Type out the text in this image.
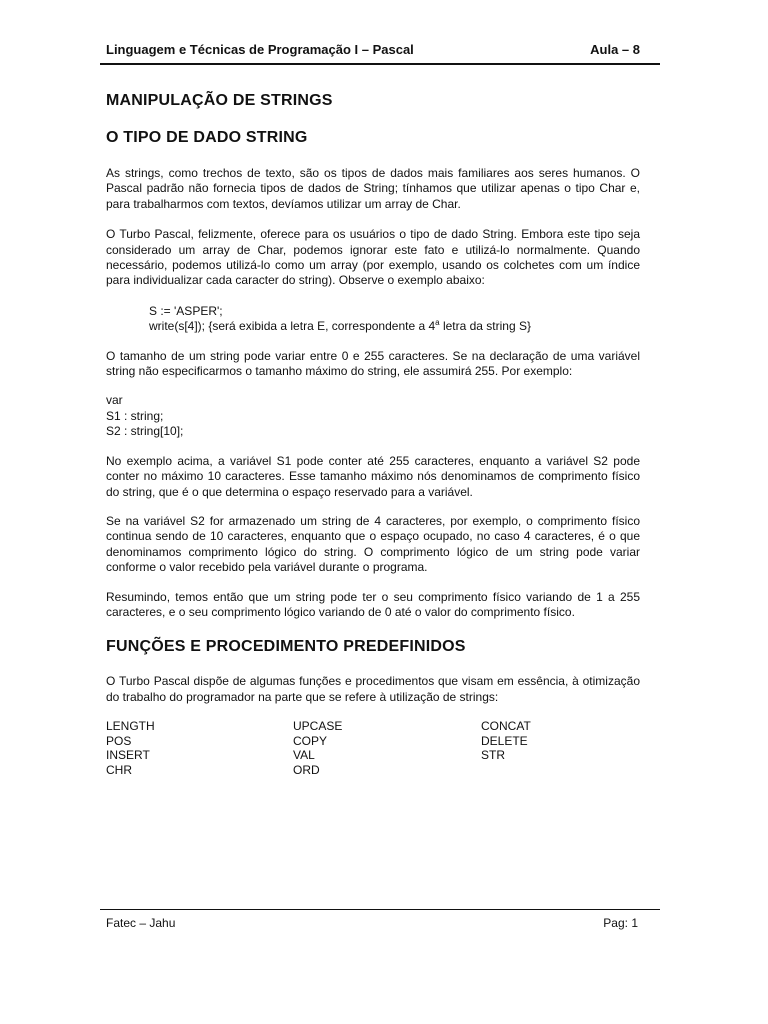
Linguagem e Técnicas de Programação I – Pascal	Aula – 8
MANIPULAÇÃO DE STRINGS
O TIPO DE DADO STRING

As strings, como trechos de texto, são os tipos de dados mais familiares aos seres humanos. O Pascal padrão não fornecia tipos de dados de String; tínhamos que utilizar apenas o tipo Char e, para trabalharmos com textos, devíamos utilizar um array de Char.

O Turbo Pascal, felizmente, oferece para os usuários o tipo de dado String. Embora este tipo seja considerado um array de Char, podemos ignorar este fato e utilizá-lo normalmente. Quando necessário, podemos utilizá-lo como um array (por exemplo, usando os colchetes com um índice para individualizar cada caracter do string). Observe o exemplo abaixo:

S := 'ASPER';
write(s[4]); {será exibida a letra E, correspondente a 4$^a$ letra da string S}

O tamanho de um string pode variar entre 0 e 255 caracteres. Se na declaração de uma variável string não especificarmos o tamanho máximo do string, ele assumirá 255. Por exemplo:

var
S1 : string;
S2 : string[10];

No exemplo acima, a variável S1 pode conter até 255 caracteres, enquanto a variável S2 pode conter no máximo 10 caracteres. Esse tamanho máximo nós denominamos de comprimento físico do string, que é o que determina o espaço reservado para a variável.

Se na variável S2 for armazenado um string de 4 caracteres, por exemplo, o comprimento físico continua sendo de 10 caracteres, enquanto que o espaço ocupado, no caso 4 caracteres, é o que denominamos comprimento lógico do string. O comprimento lógico de um string pode variar conforme o valor recebido pela variável durante o programa.

Resumindo, temos então que um string pode ter o seu comprimento físico variando de 1 a 255 caracteres, e o seu comprimento lógico variando de 0 até o valor do comprimento físico.

FUNÇÕES E PROCEDIMENTO PREDEFINIDOS

O Turbo Pascal dispõe de algumas funções e procedimentos que visam em essência, à otimização do trabalho do programador na parte que se refere à utilização de strings:

LENGTH	UPCASE	CONCAT
POS	COPY	DELETE
INSERT	VAL	STR
CHR	ORD
Fatec – Jahu	Pag: 1
